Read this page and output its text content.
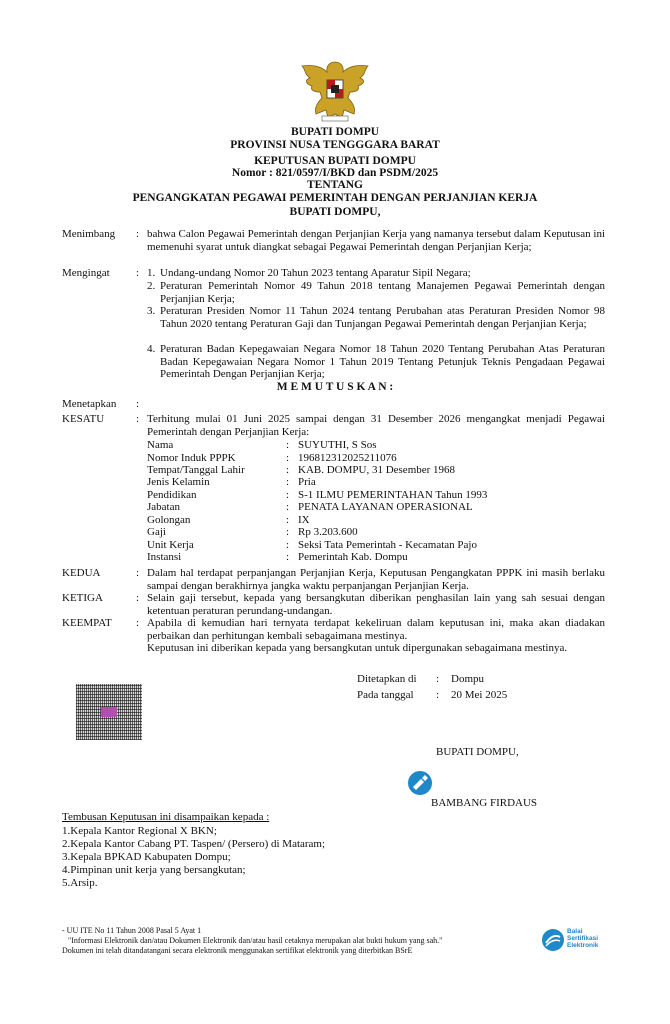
BUPATI DOMPU
PROVINSI NUSA TENGGGARA BARAT
KEPUTUSAN BUPATI DOMPU
Nomor : 821/0597/I/BKD dan PSDM/2025
TENTANG
PENGANGKATAN PEGAWAI PEMERINTAH DENGAN PERJANJIAN KERJA
BUPATI DOMPU,
Menimbang : bahwa Calon Pegawai Pemerintah dengan Perjanjian Kerja yang namanya tersebut dalam Keputusan ini memenuhi syarat untuk diangkat sebagai Pegawai Pemerintah dengan Perjanjian Kerja;
Mengingat : 1. Undang-undang Nomor 20 Tahun 2023 tentang Aparatur Sipil Negara;
2. Peraturan Pemerintah Nomor 49 Tahun 2018 tentang Manajemen Pegawai Pemerintah dengan Perjanjian Kerja;
3. Peraturan Presiden Nomor 11 Tahun 2024 tentang Perubahan atas Peraturan Presiden Nomor 98 Tahun 2020 tentang Peraturan Gaji dan Tunjangan Pegawai Pemerintah dengan Perjanjian Kerja;
4. Peraturan Badan Kepegawaian Negara Nomor 18 Tahun 2020 Tentang Perubahan Atas Peraturan Badan Kepegawaian Negara Nomor 1 Tahun 2019 Tentang Petunjuk Teknis Pengadaan Pegawai Pemerintah Dengan Perjanjian Kerja;
M E M U T U S K A N :
Menetapkan :
KESATU	: Terhitung mulai 01 Juni 2025 sampai dengan 31 Desember 2026 mengangkat menjadi Pegawai Pemerintah dengan Perjanjian Kerja:
Nama	: SUYUTHI, S Sos
Nomor Induk PPPK	: 196812312025211076
Tempat/Tanggal Lahir	: KAB. DOMPU, 31 Desember 1968
Jenis Kelamin	: Pria
Pendidikan	: S-1 ILMU PEMERINTAHAN Tahun 1993
Jabatan	: PENATA LAYANAN OPERASIONAL
Golongan	: IX
Gaji	: Rp 3.203.600
Unit Kerja	: Seksi Tata Pemerintah - Kecamatan Pajo
Instansi	: Pemerintah Kab. Dompu
KEDUA	: Dalam hal terdapat perpanjangan Perjanjian Kerja, Keputusan Pengangkatan PPPK ini masih berlaku sampai dengan berakhirnya jangka waktu perpanjangan Perjanjian Kerja.
KETIGA	: Selain gaji tersebut, kepada yang bersangkutan diberikan penghasilan lain yang sah sesuai dengan ketentuan peraturan perundang-undangan.
KEEMPAT : Apabila di kemudian hari ternyata terdapat kekeliruan dalam keputusan ini, maka akan diadakan perbaikan dan perhitungan kembali sebagaimana mestinya.
Keputusan ini diberikan kepada yang bersangkutan untuk dipergunakan sebagaimana mestinya.
Ditetapkan di : Dompu
Pada tanggal : 20 Mei 2025
BUPATI DOMPU,
BAMBANG FIRDAUS
Tembusan Keputusan ini disampaikan kepada :
1.Kepala Kantor Regional X BKN;
2.Kepala Kantor Cabang PT. Taspen/ (Persero) di Mataram;
3.Kepala BPKAD Kabupaten Dompu;
4.Pimpinan unit kerja yang bersangkutan;
5.Arsip.
- UU ITE No 11 Tahun 2008 Pasal 5 Ayat 1
"Informasi Elektronik dan/atau Dokumen Elektronik dan/atau hasil cetaknya merupakan alat bukti hukum yang sah."
Dokumen ini telah ditandatangani secara elektronik menggunakan sertifikat elektronik yang diterbitkan BSrE
Balai
Sertifikasi
Elektronik
